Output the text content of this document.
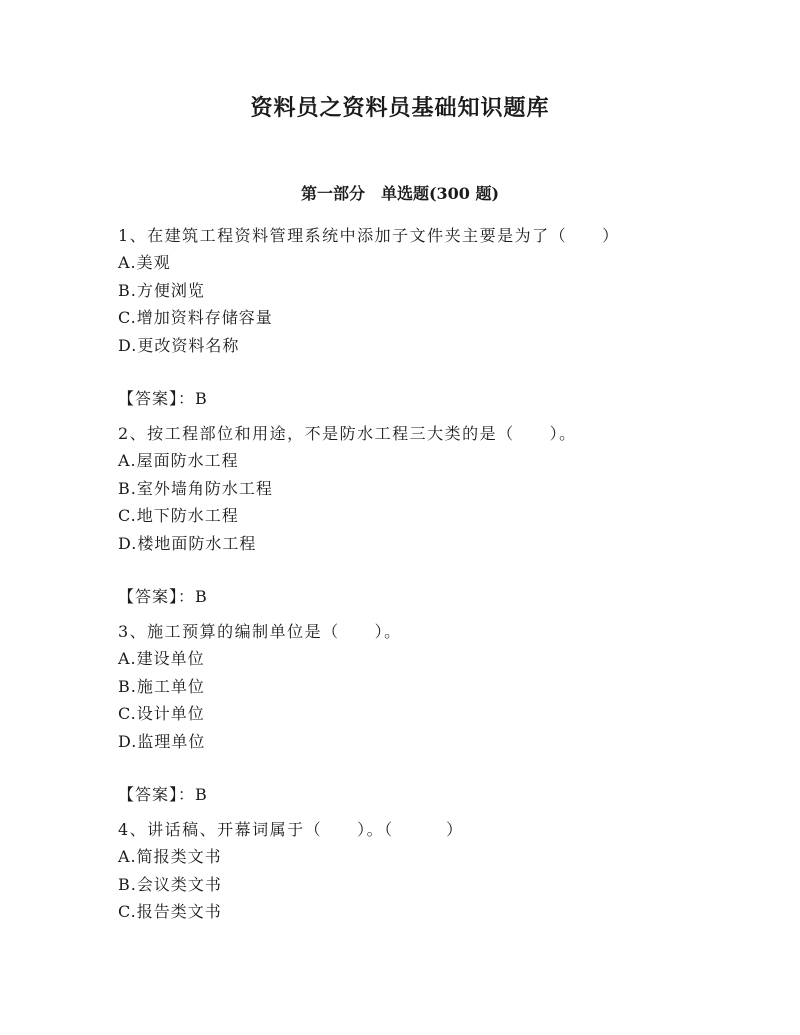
资料员之资料员基础知识题库
第一部分　单选题(300 题)
1、在建筑工程资料管理系统中添加子文件夹主要是为了（　　）
A.美观
B.方便浏览
C.增加资料存储容量
D.更改资料名称
【答案】：B
2、按工程部位和用途，不是防水工程三大类的是（　　）。
A.屋面防水工程
B.室外墙角防水工程
C.地下防水工程
D.楼地面防水工程
【答案】：B
3、施工预算的编制单位是（　　）。
A.建设单位
B.施工单位
C.设计单位
D.监理单位
【答案】：B
4、讲话稿、开幕词属于（　　）。（　　　）
A.简报类文书
B.会议类文书
C.报告类文书
